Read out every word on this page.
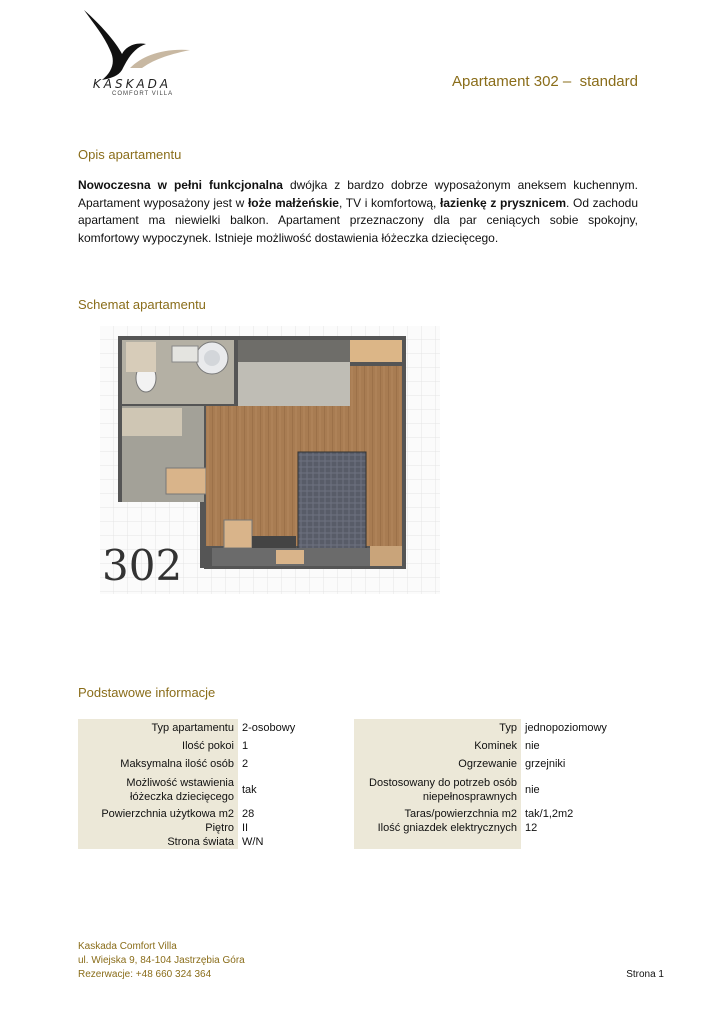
KASKADA
COMFORT VILLA
Apartament 302 –  standard
Opis apartamentu
Nowoczesna w pełni funkcjonalna dwójka z bardzo dobrze wyposażonym aneksem kuchennym. Apartament wyposażony jest w łoże małżeńskie, TV i komfortową, łazienkę z prysznicem. Od zachodu apartament ma niewielki balkon. Apartament przeznaczony dla par ceniących sobie spokojny, komfortowy wypoczynek. Istnieje możliwość dostawienia łóżeczka dziecięcego.
Schemat apartamentu
302
Podstawowe informacje
Typ apartamentu	2-osobowy
Ilość pokoi	1
Maksymalna ilość osób	2
Możliwość wstawienia łóżeczka dziecięcego	tak
Powierzchnia użytkowa m2	28
Piętro	II
Strona świata	W/N
Typ	jednopoziomowy
Kominek	nie
Ogrzewanie	grzejniki
Dostosowany do potrzeb osób niepełnosprawnych	nie
Taras/powierzchnia m2	tak/1,2m2
Ilość gniazdek elektrycznych	12

Kaskada Comfort Villa
ul. Wiejska 9, 84-104 Jastrzębia Góra
Rezerwacje: +48 660 324 364	Strona 1
